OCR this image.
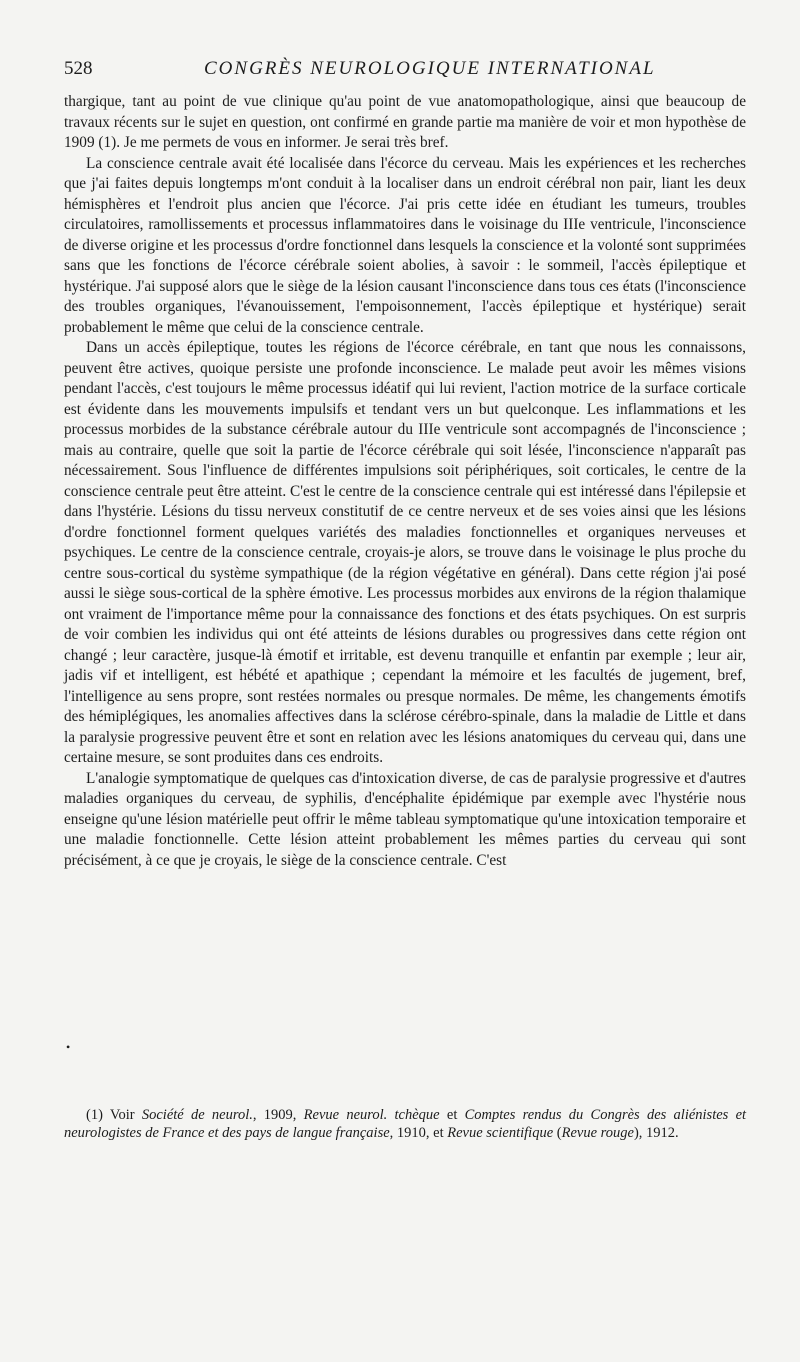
528	CONGRÈS NEUROLOGIQUE INTERNATIONAL

thargique, tant au point de vue clinique qu'au point de vue anatomopathologique, ainsi que beaucoup de travaux récents sur le sujet en question, ont confirmé en grande partie ma manière de voir et mon hypothèse de 1909 (1). Je me permets de vous en informer. Je serai très bref.

La conscience centrale avait été localisée dans l'écorce du cerveau. Mais les expériences et les recherches que j'ai faites depuis longtemps m'ont conduit à la localiser dans un endroit cérébral non pair, liant les deux hémisphères et l'endroit plus ancien que l'écorce. J'ai pris cette idée en étudiant les tumeurs, troubles circulatoires, ramollissements et processus inflammatoires dans le voisinage du IIIe ventricule, l'inconscience de diverse origine et les processus d'ordre fonctionnel dans lesquels la conscience et la volonté sont supprimées sans que les fonctions de l'écorce cérébrale soient abolies, à savoir : le sommeil, l'accès épileptique et hystérique. J'ai supposé alors que le siège de la lésion causant l'inconscience dans tous ces états (l'inconscience des troubles organiques, l'évanouissement, l'empoisonnement, l'accès épileptique et hystérique) serait probablement le même que celui de la conscience centrale.

Dans un accès épileptique, toutes les régions de l'écorce cérébrale, en tant que nous les connaissons, peuvent être actives, quoique persiste une profonde inconscience. Le malade peut avoir les mêmes visions pendant l'accès, c'est toujours le même processus idéatif qui lui revient, l'action motrice de la surface corticale est évidente dans les mouvements impulsifs et tendant vers un but quelconque. Les inflammations et les processus morbides de la substance cérébrale autour du IIIe ventricule sont accompagnés de l'inconscience ; mais au contraire, quelle que soit la partie de l'écorce cérébrale qui soit lésée, l'inconscience n'apparaît pas nécessairement. Sous l'influence de différentes impulsions soit périphériques, soit corticales, le centre de la conscience centrale peut être atteint. C'est le centre de la conscience centrale qui est intéressé dans l'épilepsie et dans l'hystérie. Lésions du tissu nerveux constitutif de ce centre nerveux et de ses voies ainsi que les lésions d'ordre fonctionnel forment quelques variétés des maladies fonctionnelles et organiques nerveuses et psychiques. Le centre de la conscience centrale, croyais-je alors, se trouve dans le voisinage le plus proche du centre sous-cortical du système sympathique (de la région végétative en général). Dans cette région j'ai posé aussi le siège sous-cortical de la sphère émotive. Les processus morbides aux environs de la région thalamique ont vraiment de l'importance même pour la connaissance des fonctions et des états psychiques. On est surpris de voir combien les individus qui ont été atteints de lésions durables ou progressives dans cette région ont changé ; leur caractère, jusque-là émotif et irritable, est devenu tranquille et enfantin par exemple ; leur air, jadis vif et intelligent, est hébété et apathique ; cependant la mémoire et les facultés de jugement, bref, l'intelligence au sens propre, sont restées normales ou presque normales. De même, les changements émotifs des hémiplégiques, les anomalies affectives dans la sclérose cérébro-spinale, dans la maladie de Little et dans la paralysie progressive peuvent être et sont en relation avec les lésions anatomiques du cerveau qui, dans une certaine mesure, se sont produites dans ces endroits.

L'analogie symptomatique de quelques cas d'intoxication diverse, de cas de paralysie progressive et d'autres maladies organiques du cerveau, de syphilis, d'encéphalite épidémique par exemple avec l'hystérie nous enseigne qu'une lésion matérielle peut offrir le même tableau symptomatique qu'une intoxication temporaire et une maladie fonctionnelle. Cette lésion atteint probablement les mêmes parties du cerveau qui sont précisément, à ce que je croyais, le siège de la conscience centrale. C'est

•

(1) Voir Société de neurol., 1909, Revue neurol. tchèque et Comptes rendus du Congrès des aliénistes et neurologistes de France et des pays de langue française, 1910, et Revue scientifique (Revue rouge), 1912.
